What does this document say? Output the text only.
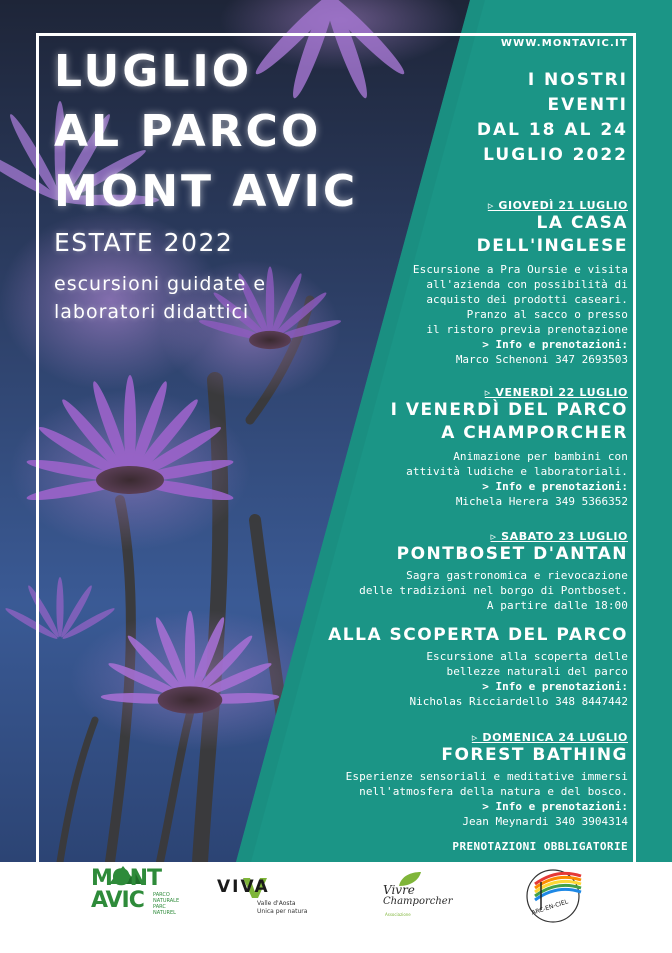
LUGLIO
AL PARCO
MONT AVIC
ESTATE 2022
escursioni guidate e
laboratori didattici
WWW.MONTAVIC.IT
I NOSTRI
EVENTI
DAL 18 AL 24
LUGLIO 2022
▹ GIOVEDÌ 21 LUGLIO
LA CASA
DELL'INGLESE
Escursione a Pra Oursie e visita
all'azienda con possibilità di
acquisto dei prodotti caseari.
Pranzo al sacco o presso
il ristoro previa prenotazione
> Info e prenotazioni:
Marco Schenoni 347 2693503
▹ VENERDÌ 22 LUGLIO
I VENERDÌ DEL PARCO
A CHAMPORCHER
Animazione per bambini con
attività ludiche e laboratoriali.
> Info e prenotazioni:
Michela Herera 349 5366352
▹ SABATO 23 LUGLIO
PONTBOSET D'ANTAN
Sagra gastronomica e rievocazione
delle tradizioni nel borgo di Pontboset.
A partire dalle 18:00
ALLA SCOPERTA DEL PARCO
Escursione alla scoperta delle
bellezze naturali del parco
> Info e prenotazioni:
Nicholas Ricciardello 348 8447442
▹ DOMENICA 24 LUGLIO
FOREST BATHING
Esperienze sensoriali e meditative immersi
nell'atmosfera della natura e del bosco.
> Info e prenotazioni:
Jean Meynardi 340 3904314
PRENOTAZIONI OBBLIGATORIE
MONT
AVIC	PARCO
NATURALE
PARC
NATUREL
VIVA
Valle d'Aosta
Unica per natura
Vivre
Champorcher
Associazione	ARC-EN-CIEL
